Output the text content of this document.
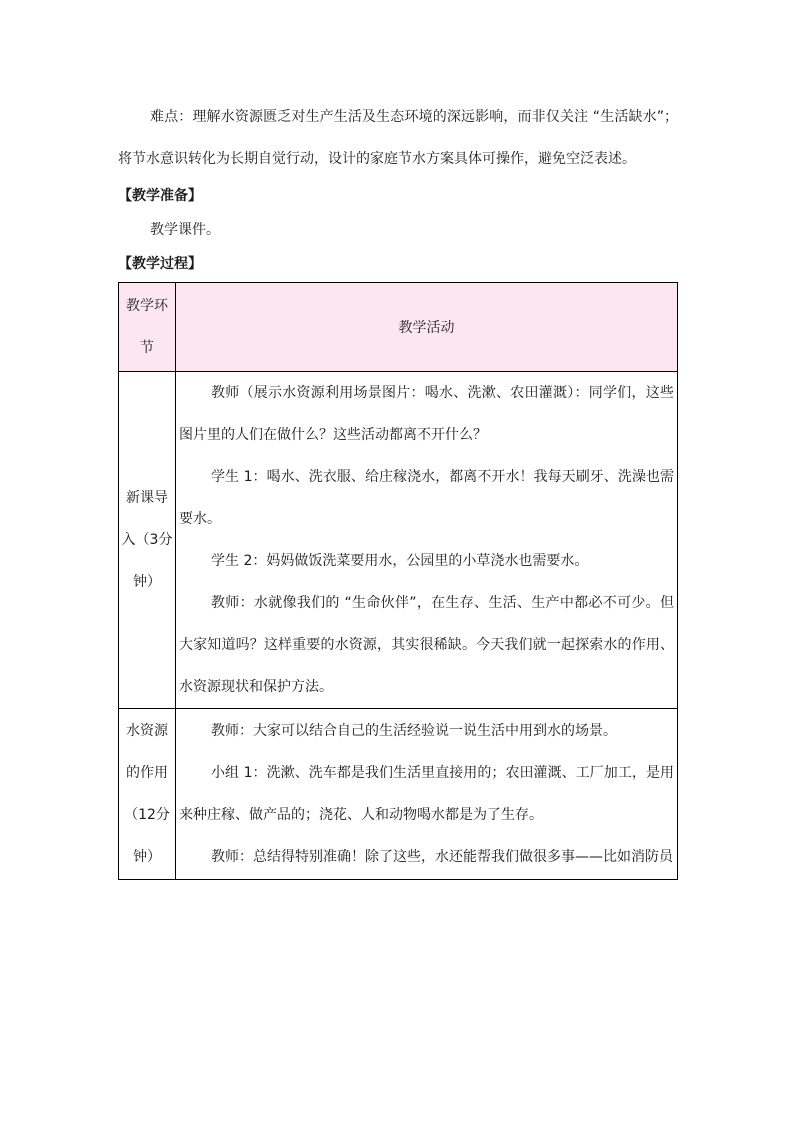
难点：理解水资源匮乏对生产生活及生态环境的深远影响，而非仅关注 “生活缺水”；将节水意识转化为长期自觉行动，设计的家庭节水方案具体可操作，避免空泛表述。

【教学准备】

教学课件。

【教学过程】

教学环节	教学活动

新课导入（3分钟）	教师（展示水资源利用场景图片：喝水、洗漱、农田灌溉）：同学们，这些图片里的人们在做什么？这些活动都离不开什么？

学生 1：喝水、洗衣服、给庄稼浇水，都离不开水！我每天刷牙、洗澡也需要水。

学生 2：妈妈做饭洗菜要用水，公园里的小草浇水也需要水。

教师：水就像我们的 “生命伙伴”，在生存、生活、生产中都必不可少。但大家知道吗？这样重要的水资源，其实很稀缺。今天我们就一起探索水的作用、水资源现状和保护方法。

水资源的作用（12分钟）	教师：大家可以结合自己的生活经验说一说生活中用到水的场景。

小组 1：洗漱、洗车都是我们生活里直接用的；农田灌溉、工厂加工，是用来种庄稼、做产品的；浇花、人和动物喝水都是为了生存。

教师：总结得特别准确！除了这些，水还能帮我们做很多事——比如消防员
